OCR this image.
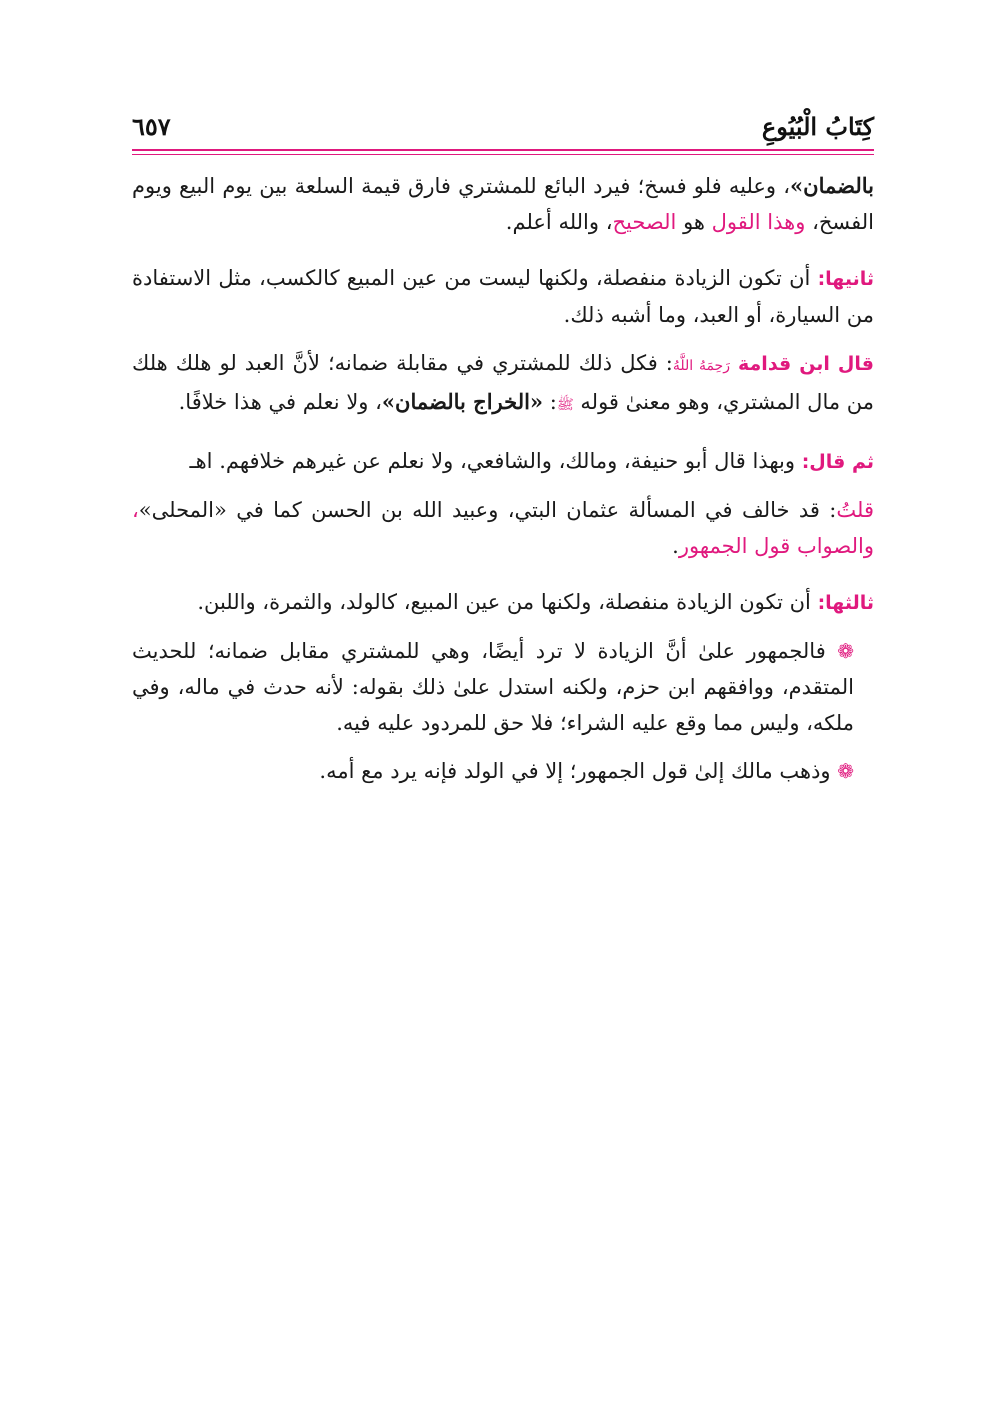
كِتَابُ الْبُيُوعِ
٦٥٧

بالضمان»، وعليه فلو فسخ؛ فيرد البائع للمشتري فارق قيمة السلعة بين يوم البيع ويوم الفسخ، وهذا القول هو الصحيح، والله أعلم.

ثانيها: أن تكون الزيادة منفصلة، ولكنها ليست من عين المبيع كالكسب، مثل الاستفادة من السيارة، أو العبد، وما أشبه ذلك.

قال ابن قدامة رَحِمَهُ اللَّهُ: فكل ذلك للمشتري في مقابلة ضمانه؛ لأنَّ العبد لو هلك هلك من مال المشتري، وهو معنىٰ قوله ﷺ: «الخراج بالضمان»، ولا نعلم في هذا خلافًا.

ثم قال: وبهذا قال أبو حنيفة، ومالك، والشافعي، ولا نعلم عن غيرهم خلافهم. اهـ

قلتُ: قد خالف في المسألة عثمان البتي، وعبيد الله بن الحسن كما في «المحلى»، والصواب قول الجمهور.

ثالثها: أن تكون الزيادة منفصلة، ولكنها من عين المبيع، كالولد، والثمرة، واللبن.

❁ فالجمهور علىٰ أنَّ الزيادة لا ترد أيضًا، وهي للمشتري مقابل ضمانه؛ للحديث المتقدم، ووافقهم ابن حزم، ولكنه استدل علىٰ ذلك بقوله: لأنه حدث في ماله، وفي ملكه، وليس مما وقع عليه الشراء؛ فلا حق للمردود عليه فيه.

❁ وذهب مالك إلىٰ قول الجمهور؛ إلا في الولد فإنه يرد مع أمه.
